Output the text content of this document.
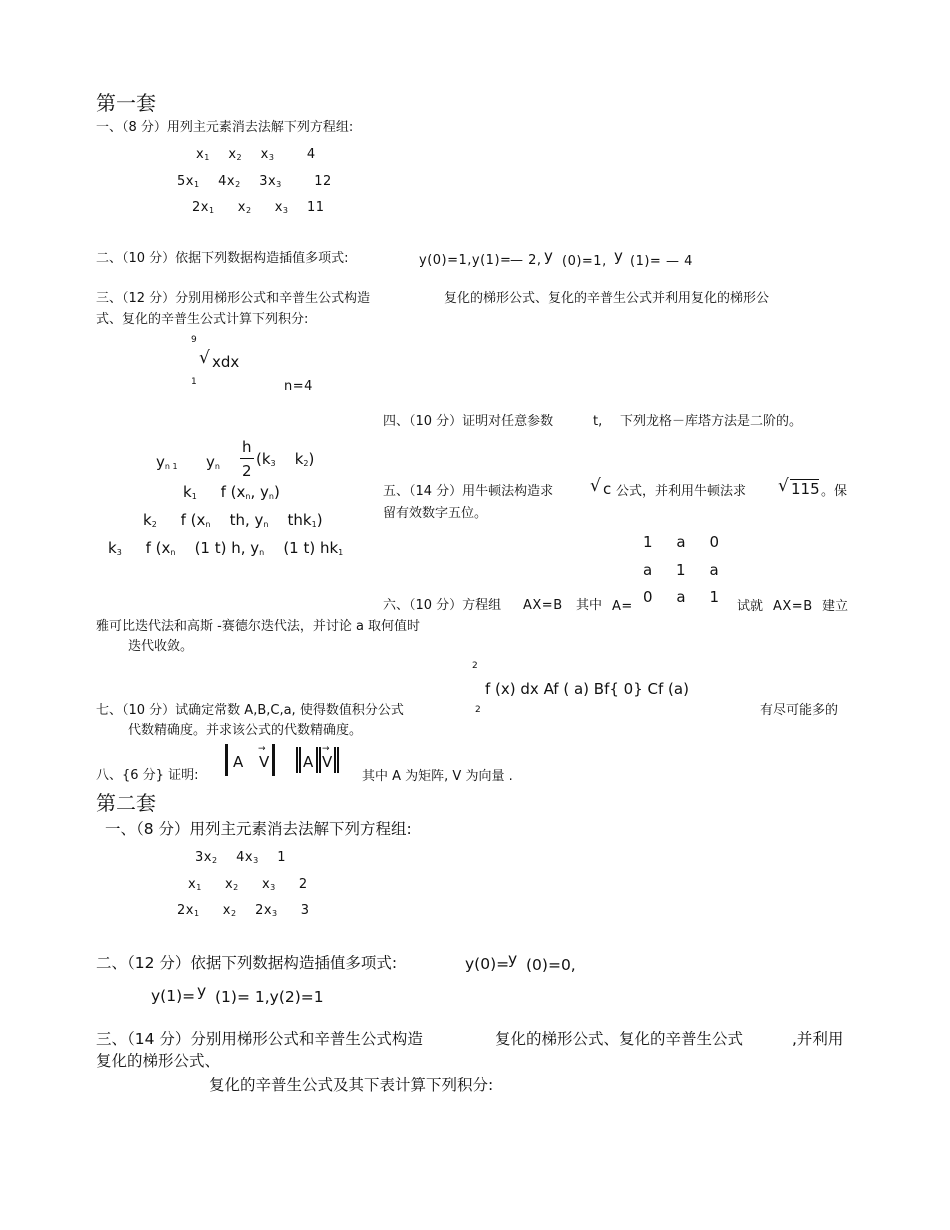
第一套
一、（8 分）用列主元素消去法解下列方程组:
$x_1$ $x_2$ $x_3$ 4
$5x_1$ $4x_2$ $3x_3$ 12
$2x_1$ $x_2$ $x_3$ 11
二、（10 分）依据下列数据构造插值多项式:	y(0)=1,y(1)=
— 2, y (0)=1, y (1)= — 4
三、（12 分）分别用梯形公式和辛普生公式构造	复化的梯形公式、复化的辛普生公式并利用复化的梯形公
式、复化的辛普生公式计算下列积分:
9
√ xdx
1	n=4
四、（10 分）证明对任意参数	t, 下列龙格－库塔方法是二阶的。
$y_{n 1}$ $y_n$
h
2
($k_3$ $k_2$)
$k_1$ f ($x_n$, $y_n$)
$k_2$ f ($x_n$ th, $y_n$ thk$_1$)
$k_3$ f ($x_n$ (1 t) h, $y_n$ (1 t) $hk_1$
五、（14 分）用牛顿法构造求 √ c 公式，并利用牛顿法求 √ 115 。保
留有效数字五位。
1 a 0
a 1 a
0 a 1
六、（10 分）方程组 AX=B 其中 A=	试就 AX=B 建立
雅可比迭代法和高斯 -赛德尔迭代法，并讨论 a 取何值时
迭代收敛。
2
f (x) dx Af ( a) Bf{ 0} Cf (a)
2
七、（10 分）试确定常数 A,B,C,a, 使得数值积分公式	有尽可能多的
代数精确度。并求该公式的代数精确度。
八、{6 分} 证明: ‖ A
→
V A ‖ →
V ‖
其中 A 为矩阵, V 为向量 .
第二套
一、（8 分）用列主元素消去法解下列方程组:
$3x_2$ $4x_3$ 1
$x_1$ $x_2$ $x_3$ 2
$2x_1$ $x_2$ $2x_3$ 3
二、（12 分）依据下列数据构造插值多项式:	y(0)=
y (0)=0,
y(1)= y (1)= 1,y(2)=1
三、（14 分）分别用梯形公式和辛普生公式构造	复化的梯形公式、复化的辛普生公式	,并利用
复化的梯形公式、
复化的辛普生公式及其下表计算下列积分:
